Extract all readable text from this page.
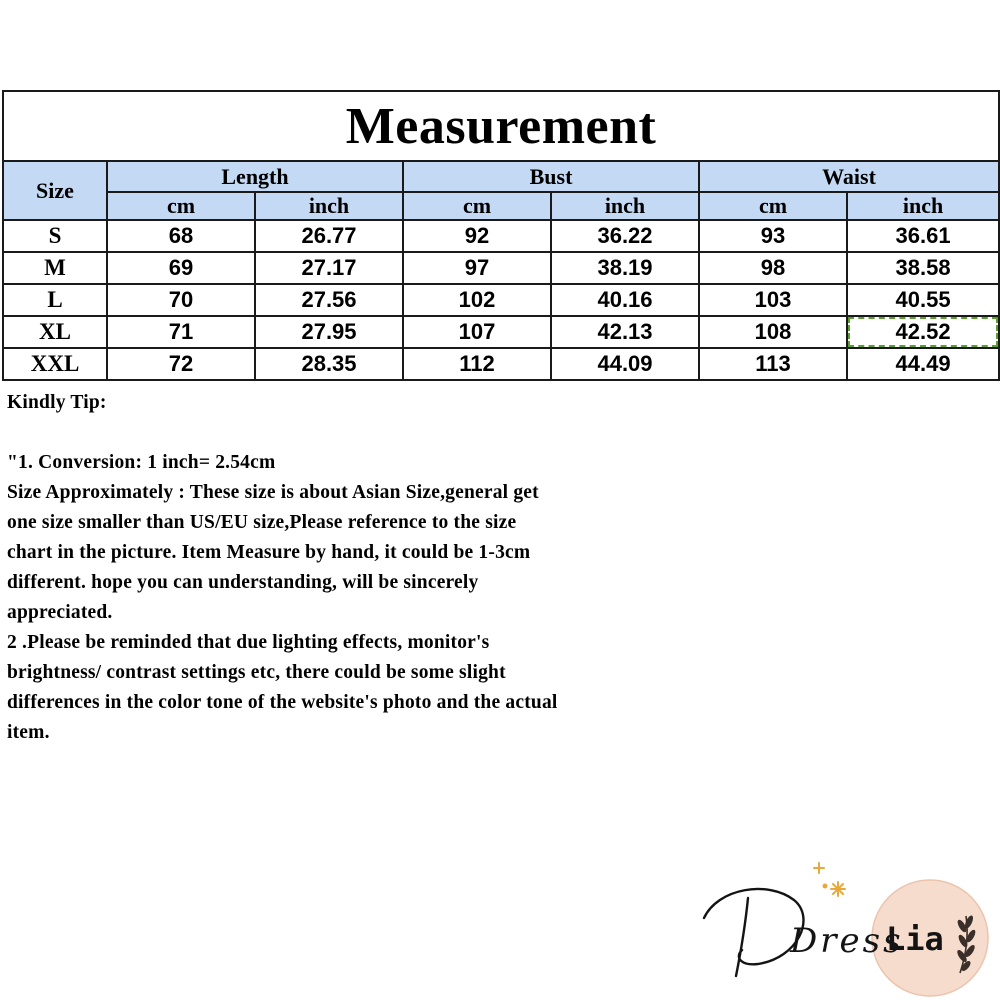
Measurement						
Size	Length		Bust		Waist	
	cm	inch	cm	inch	cm	inch
S	68	26.77	92	36.22	93	36.61
M	69	27.17	97	38.19	98	38.58
L	70	27.56	102	40.16	103	40.55
XL	71	27.95	107	42.13	108	42.52
XXL	72	28.35	112	44.09	113	44.49

Kindly Tip:

"1. Conversion: 1 inch= 2.54cm

Size Approximately : These size is about Asian Size,general get

one size smaller than US/EU size,Please reference to the size

chart in the picture. Item Measure by hand, it could be 1-3cm

different. hope you can understanding, will be sincerely

appreciated.

2 .Please be reminded that due lighting effects, monitor's

brightness/ contrast settings etc, there could be some slight

differences in the color tone of the website's photo and the actual

item.

Dress
Lia
